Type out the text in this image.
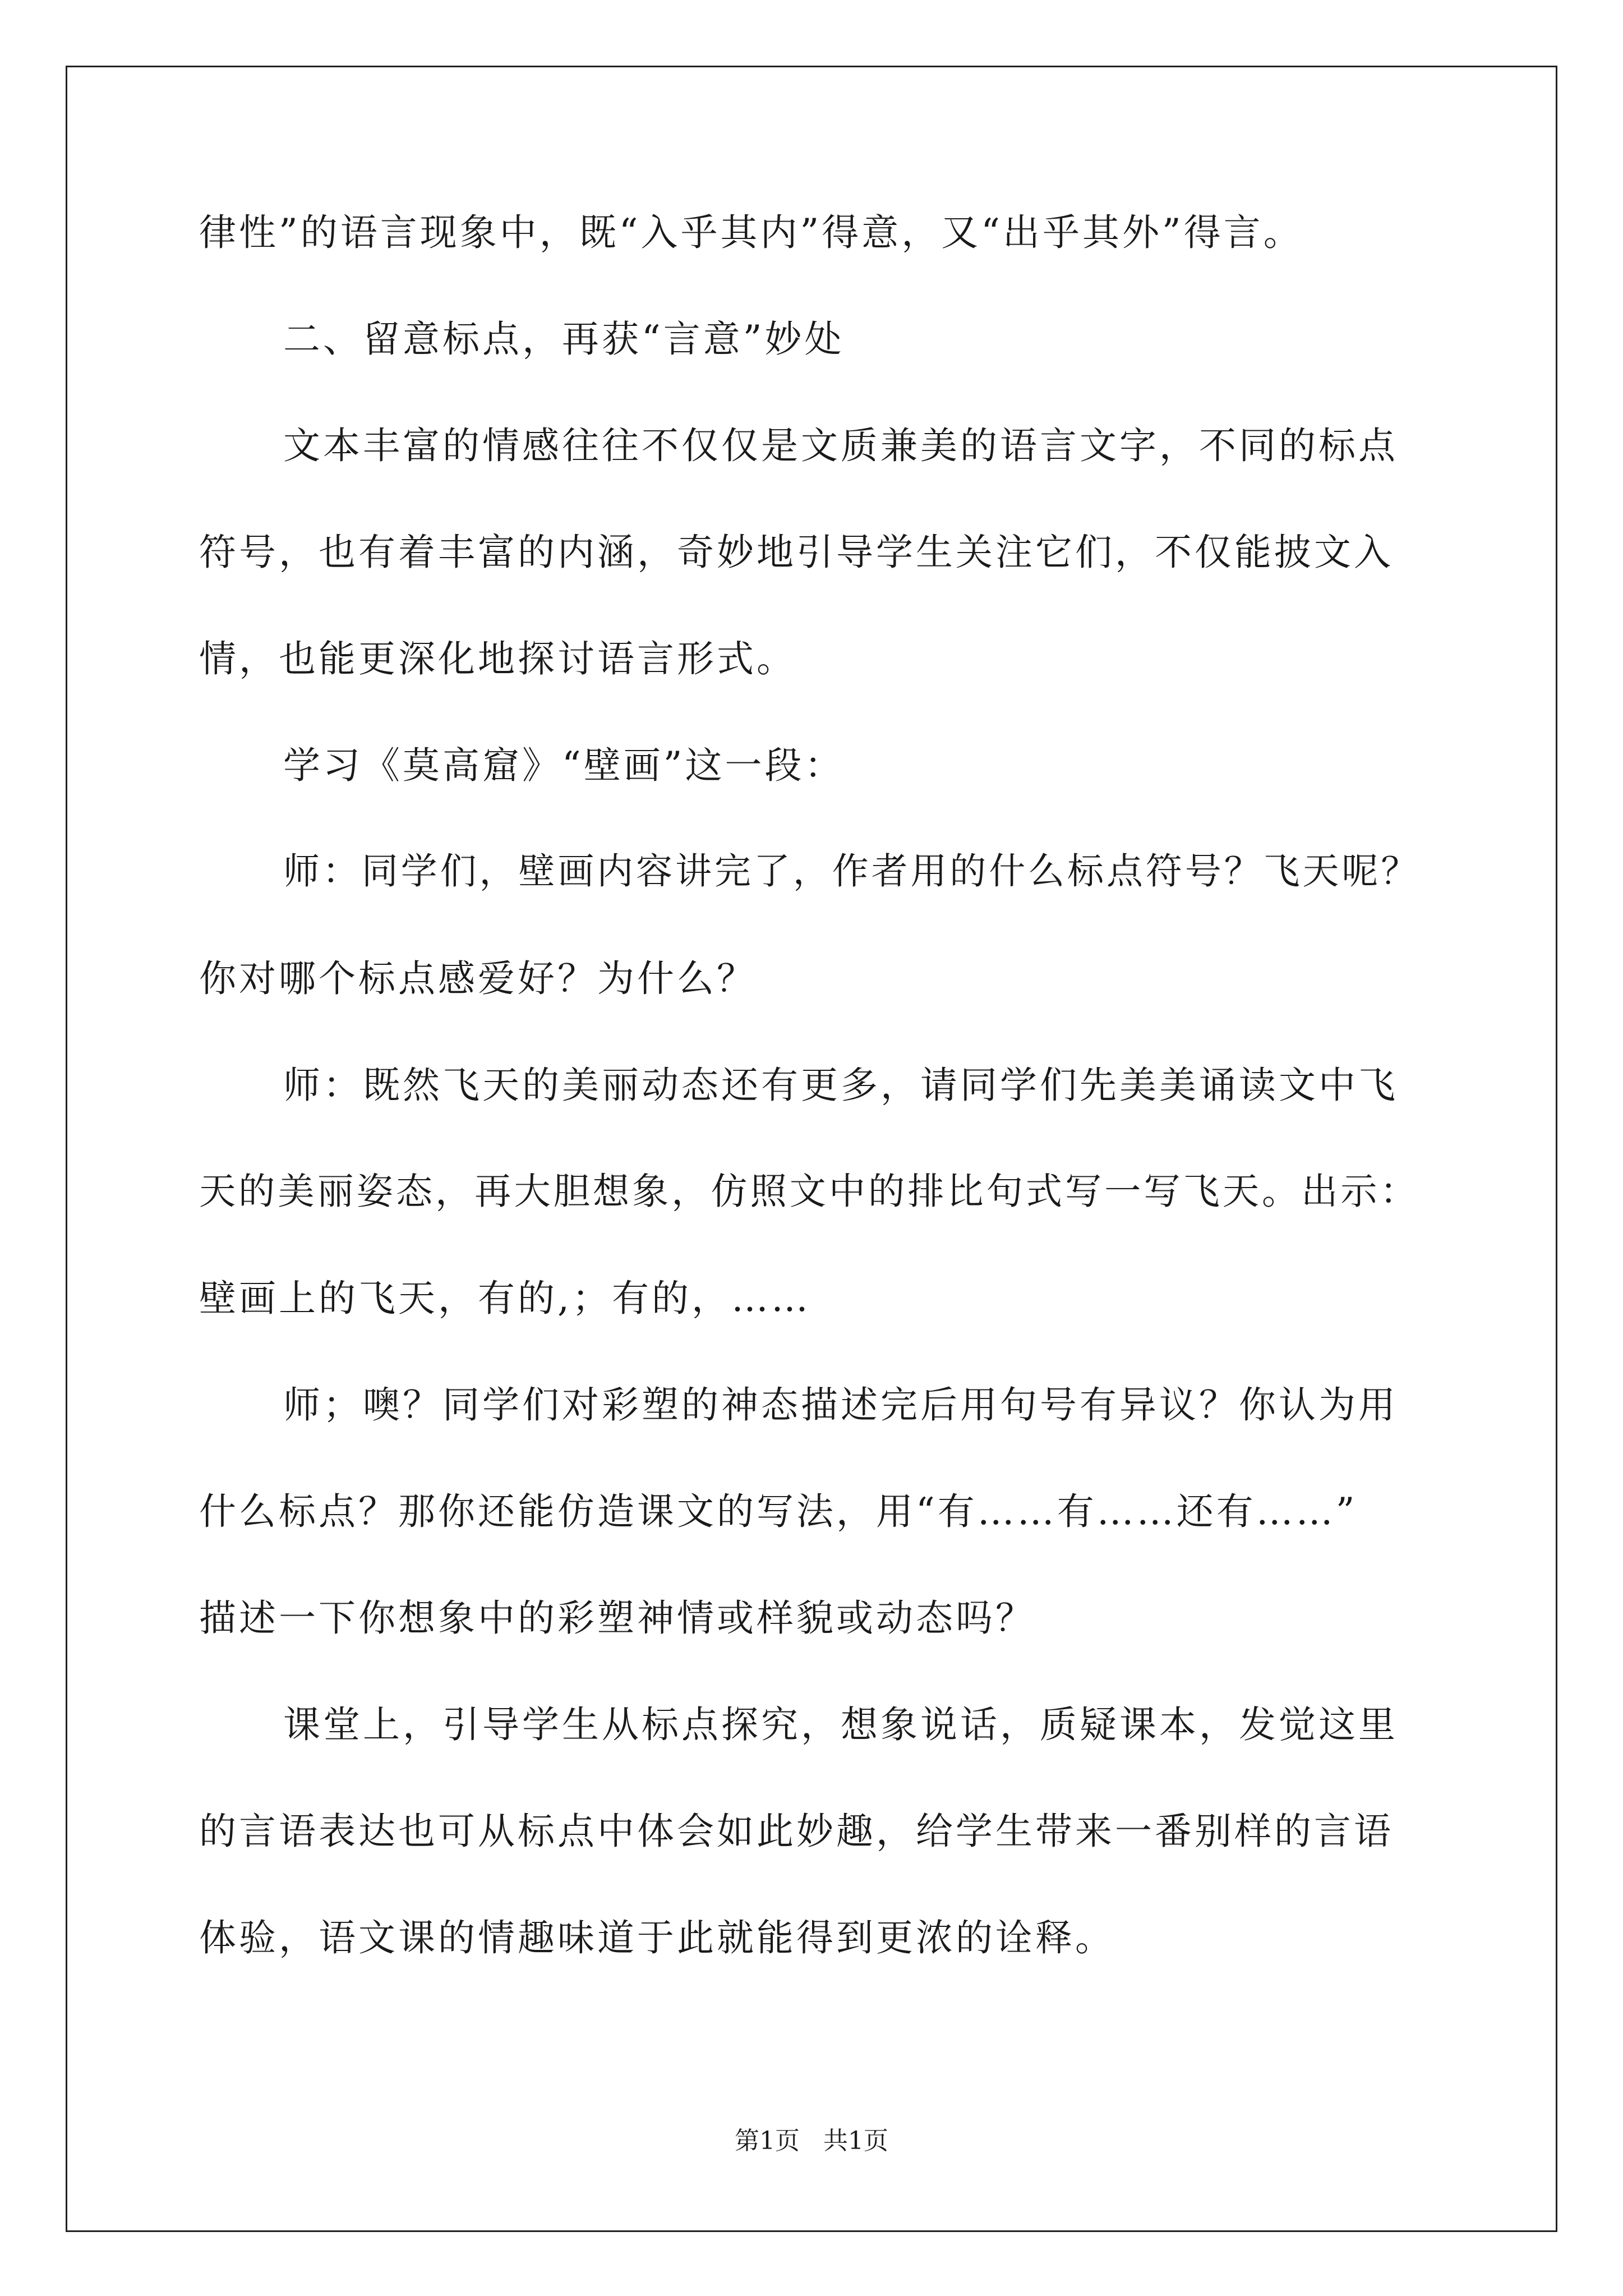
律性”的语言现象中，既“入乎其内”得意，又“出乎其外”得言。
二、留意标点，再获“言意”妙处
文本丰富的情感往往不仅仅是文质兼美的语言文字，不同的标点
符号，也有着丰富的内涵，奇妙地引导学生关注它们，不仅能披文入
情，也能更深化地探讨语言形式。
学习《莫高窟》“壁画”这一段：
师：同学们，壁画内容讲完了，作者用的什么标点符号？飞天呢？
你对哪个标点感爱好？为什么？
师：既然飞天的美丽动态还有更多，请同学们先美美诵读文中飞
天的美丽姿态，再大胆想象，仿照文中的排比句式写一写飞天。出示：
壁画上的飞天，有的,；有的，……
师；噢？同学们对彩塑的神态描述完后用句号有异议？你认为用
什么标点？那你还能仿造课文的写法，用“有……有……还有……”
描述一下你想象中的彩塑神情或样貌或动态吗？
课堂上，引导学生从标点探究，想象说话，质疑课本，发觉这里
的言语表达也可从标点中体会如此妙趣，给学生带来一番别样的言语
体验，语文课的情趣味道于此就能得到更浓的诠释。
第1页   共1页
